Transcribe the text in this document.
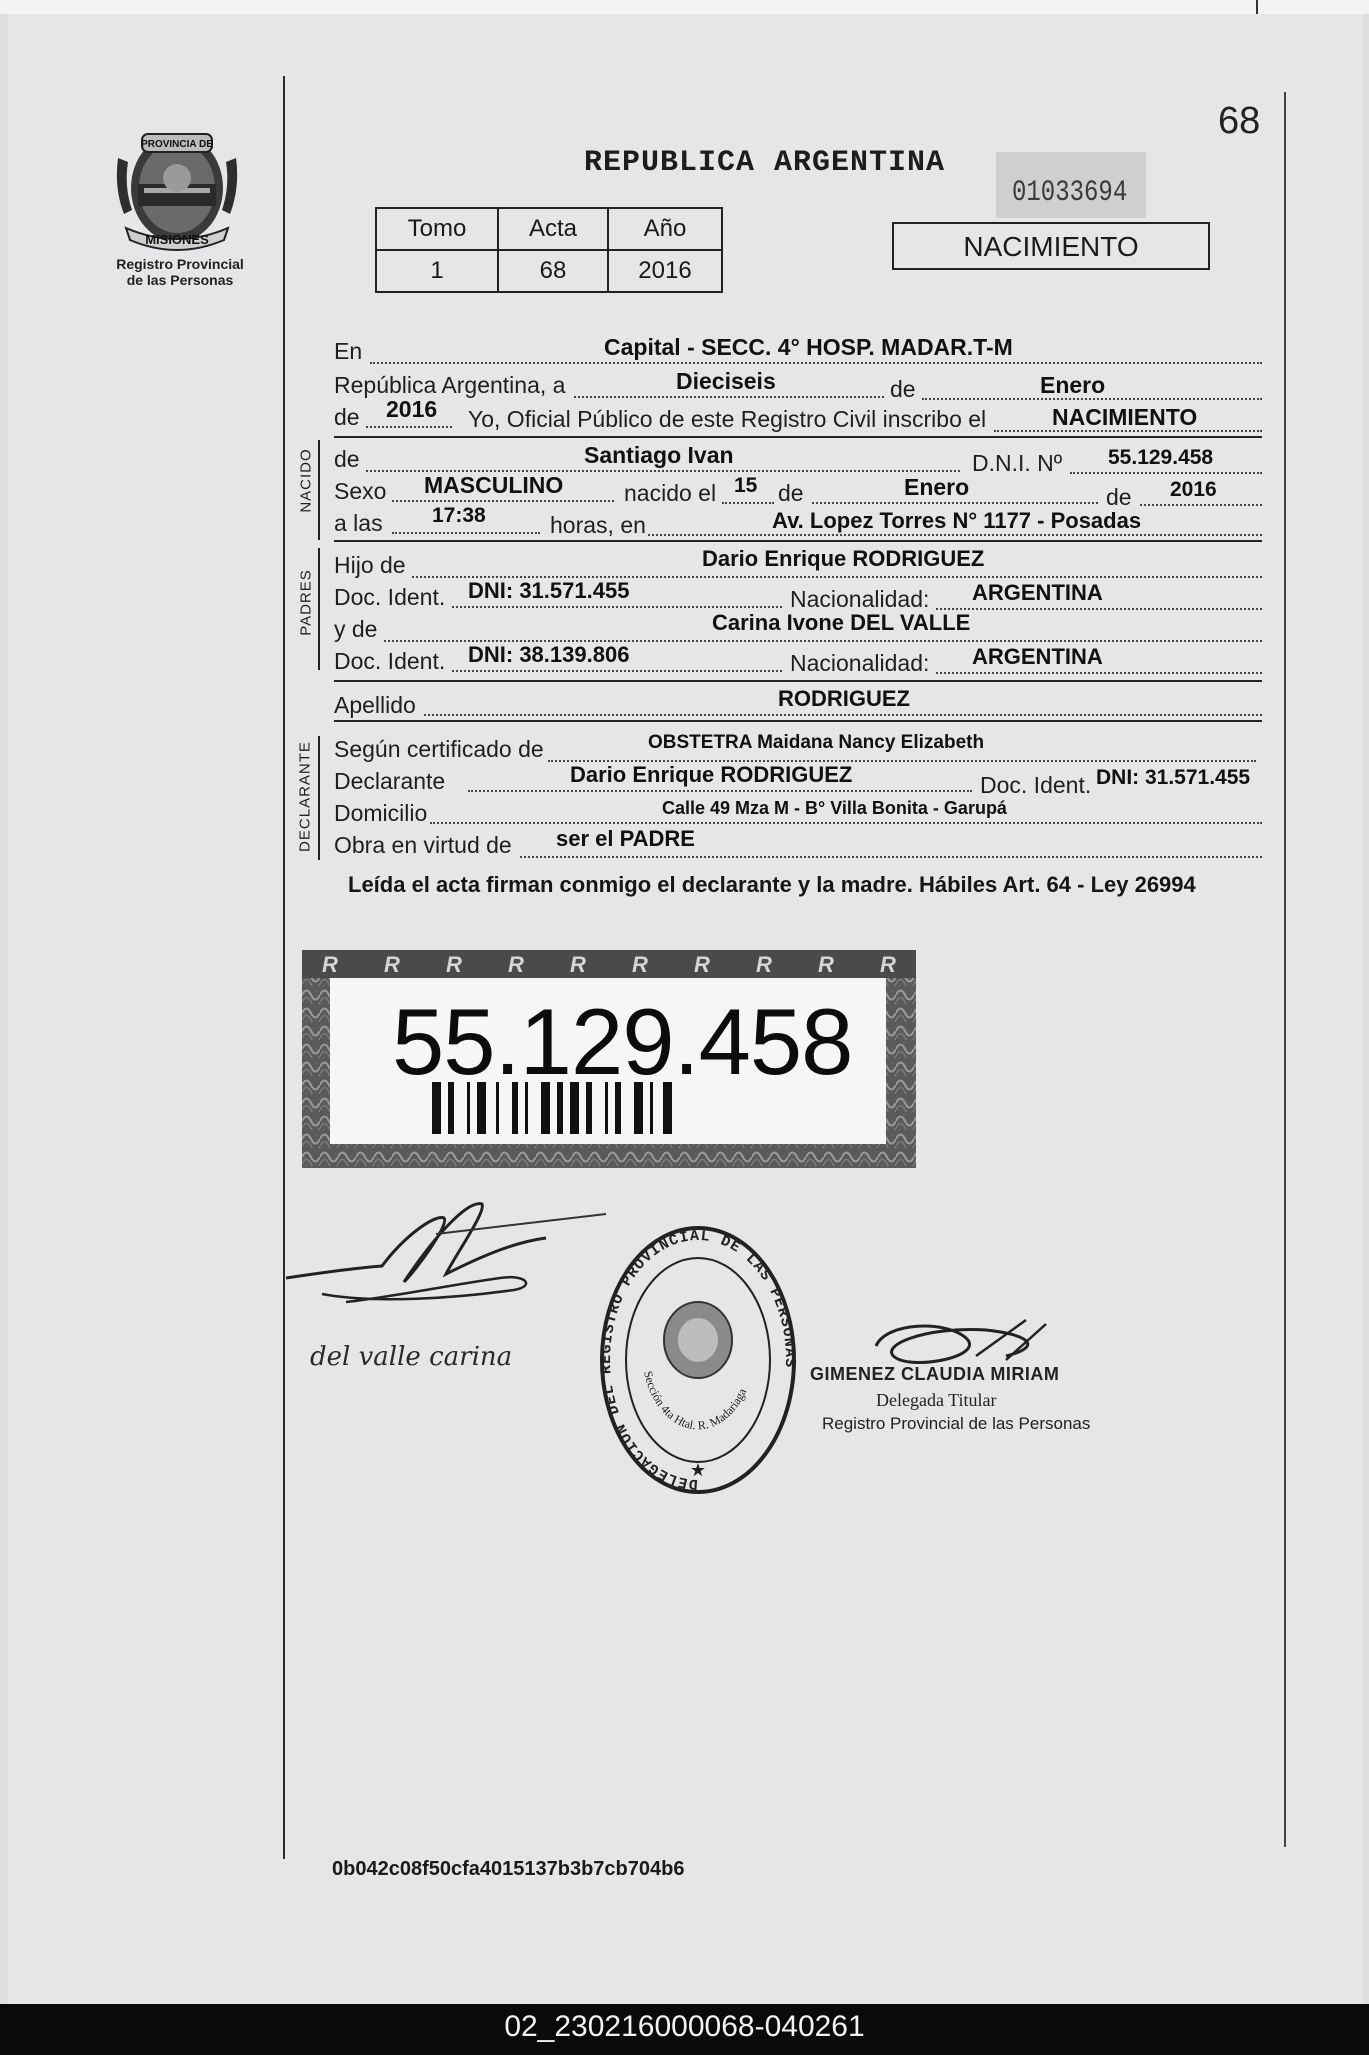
68
PROVINCIA DE
MISIONES
Registro Provincial
de las Personas
REPUBLICA ARGENTINA
01033694
Tomo	Acta	Año
1	68	2016
NACIMIENTO
En	Capital - SECC. 4° HOSP. MADAR.T-M
República Argentina, a	Dieciseis	de	Enero
de 2016 Yo, Oficial Público de este Registro Civil inscribo el	NACIMIENTO
NACIDO de	Santiago Ivan	D.N.I. Nº 55.129.458
Sexo MASCULINO	nacido el 15 de	Enero	de 2016
a las 17:38	horas, en	Av. Lopez Torres N° 1177 - Posadas
PADRES
Hijo de	Dario Enrique RODRIGUEZ
Doc. Ident. DNI: 31.571.455	Nacionalidad: ARGENTINA
y de	Carina Ivone DEL VALLE
Doc. Ident. DNI: 38.139.806	Nacionalidad: ARGENTINA
Apellido	RODRIGUEZ
DECLARANTE Según certificado de	OBSTETRA Maidana Nancy Elizabeth
Declarante	Dario Enrique RODRIGUEZ	Doc. Ident. DNI: 31.571.455
Domicilio	Calle 49 Mza M - B° Villa Bonita - Garupá
Obra en virtud de ser el PADRE
Leída el acta firman conmigo el declarante y la madre. Hábiles Art. 64 - Ley 26994
R R R R R R R R R R
55.129.458
del valle carina
DELEGACION DEL REGISTRO PROVINCIAL DE LAS PERSONAS
Sección 4ta Htal. R. Madariaga
★
GIMENEZ CLAUDIA MIRIAM
Delegada Titular
Registro Provincial de las Personas
0b042c08f50cfa4015137b3b7cb704b6
02_230216000068-040261
